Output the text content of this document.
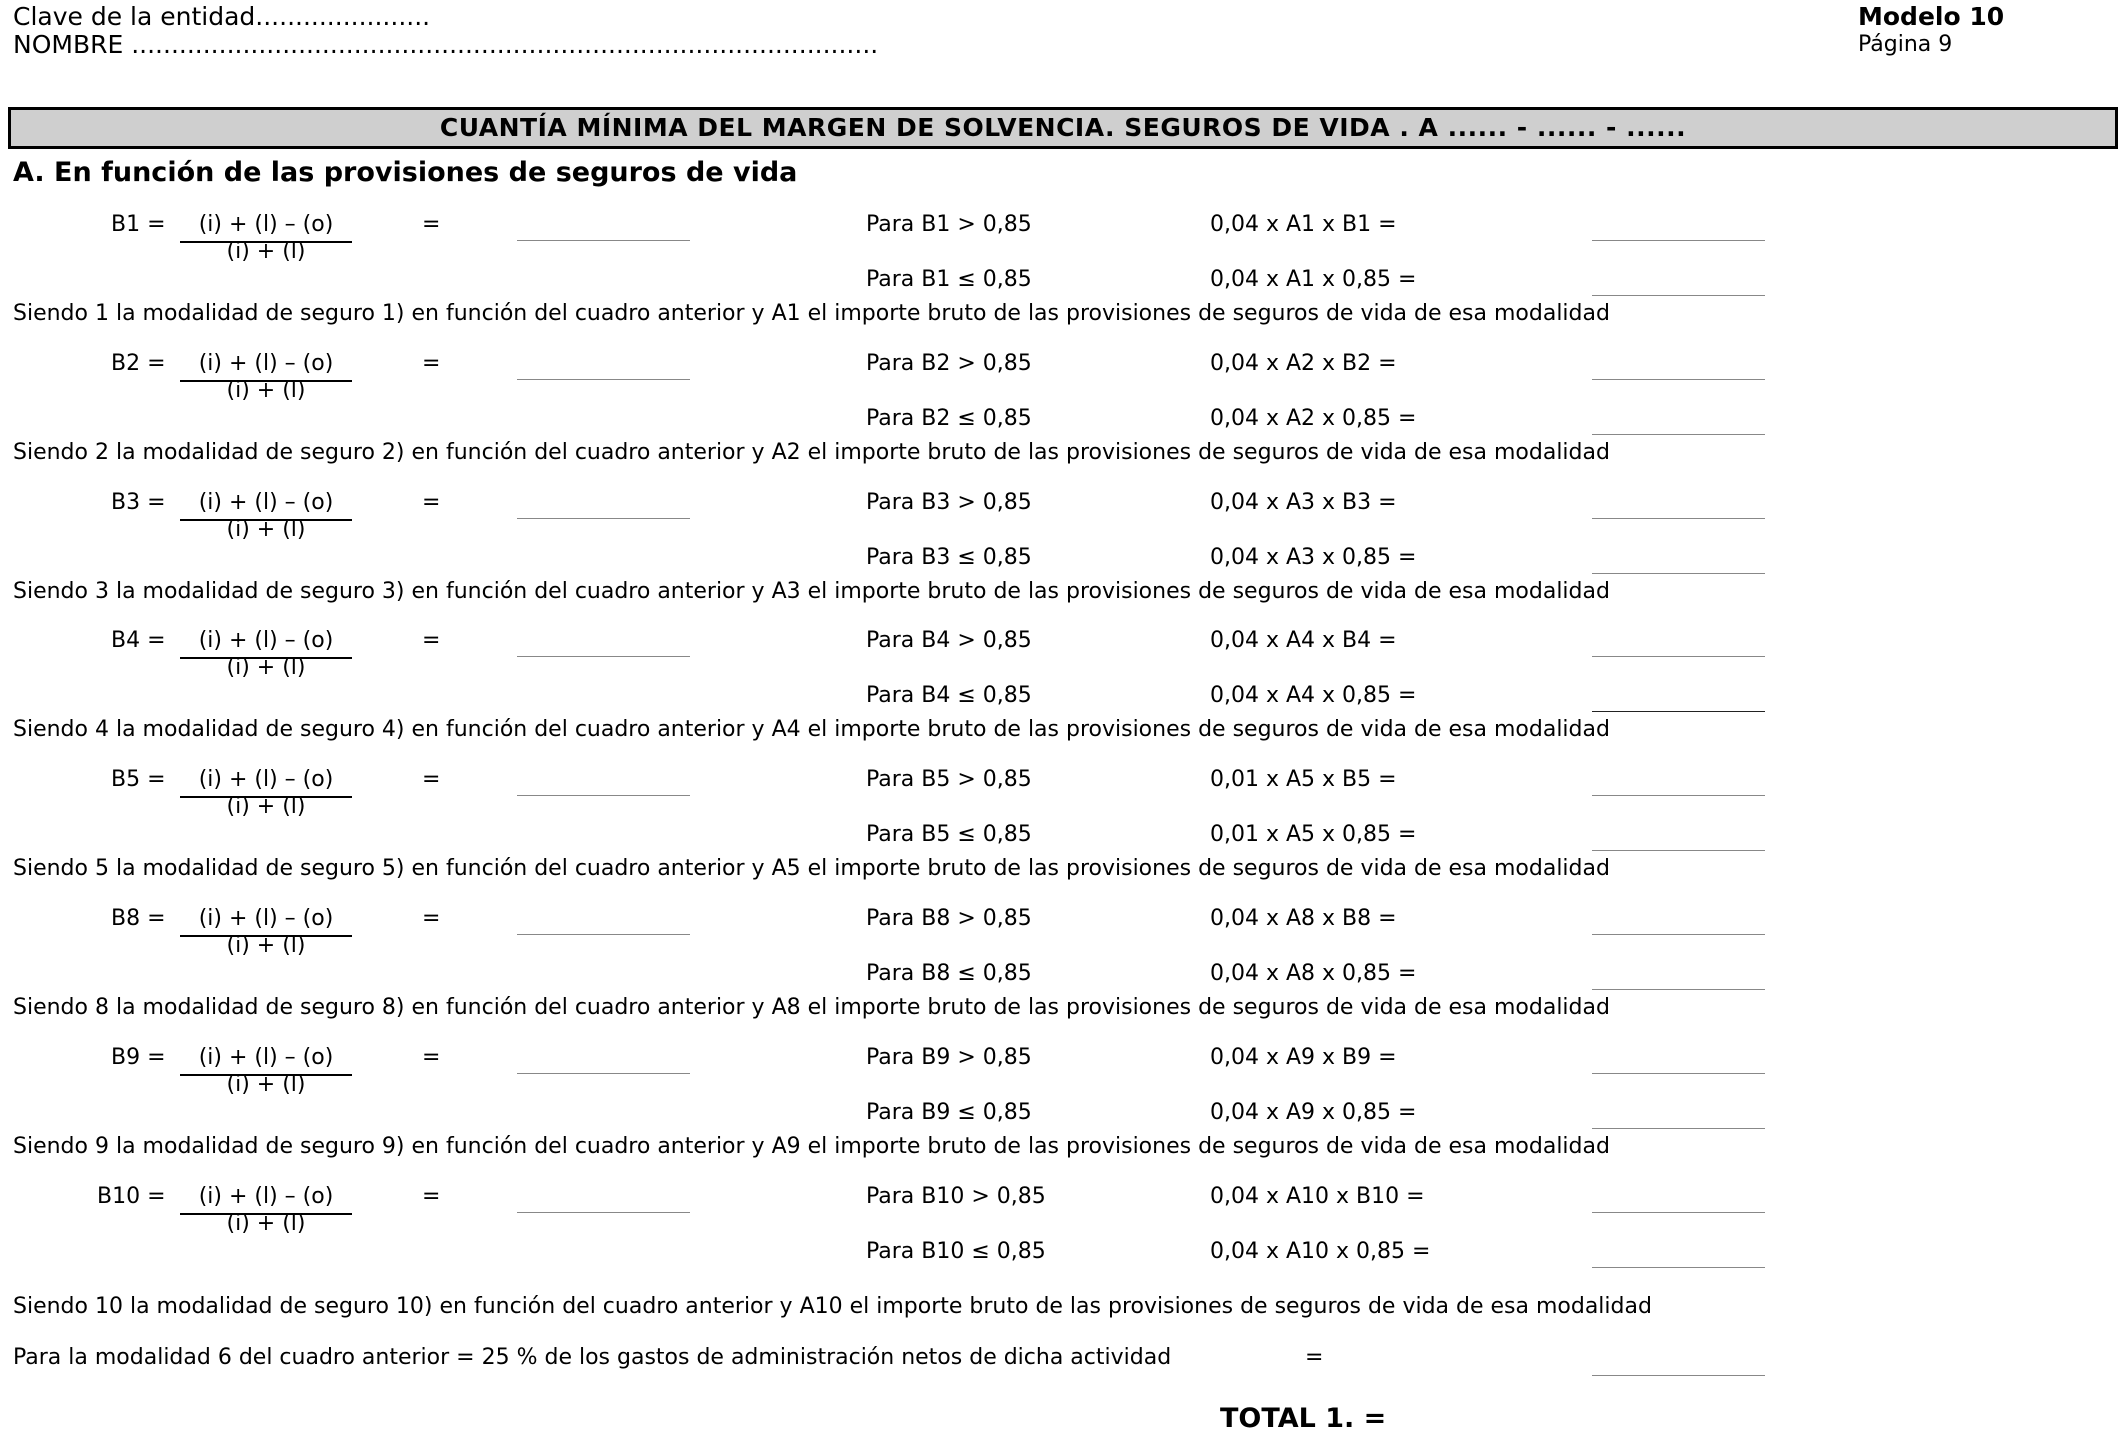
Clave de la entidad......................
NOMBRE ..............................................................................................
Modelo 10
Página 9
CUANTÍA MÍNIMA DEL MARGEN DE SOLVENCIA. SEGUROS DE VIDA . A ...... - ...... - ......
A. En función de las provisiones de seguros de vida
B1 =	(i) + (l) – (o)
(i) + (l)
=	Para B1 > 0,85	0,04 x A1 x B1 =
Para B1 ≤ 0,85	0,04 x A1 x 0,85 =
Siendo 1 la modalidad de seguro 1) en función del cuadro anterior y A1 el importe bruto de las provisiones de seguros de vida de esa modalidad
B2 =	(i) + (l) – (o)
(i) + (l)
=	Para B2 > 0,85	0,04 x A2 x B2 =
Para B2 ≤ 0,85	0,04 x A2 x 0,85 =
Siendo 2 la modalidad de seguro 2) en función del cuadro anterior y A2 el importe bruto de las provisiones de seguros de vida de esa modalidad
B3 =	(i) + (l) – (o)
(i) + (l)
=	Para B3 > 0,85	0,04 x A3 x B3 =
Para B3 ≤ 0,85	0,04 x A3 x 0,85 =
Siendo 3 la modalidad de seguro 3) en función del cuadro anterior y A3 el importe bruto de las provisiones de seguros de vida de esa modalidad
B4 =	(i) + (l) – (o)
(i) + (l)
=	Para B4 > 0,85	0,04 x A4 x B4 =
Para B4 ≤ 0,85	0,04 x A4 x 0,85 =
Siendo 4 la modalidad de seguro 4) en función del cuadro anterior y A4 el importe bruto de las provisiones de seguros de vida de esa modalidad
B5 =	(i) + (l) – (o)
(i) + (l)
=	Para B5 > 0,85	0,01 x A5 x B5 =
Para B5 ≤ 0,85	0,01 x A5 x 0,85 =
Siendo 5 la modalidad de seguro 5) en función del cuadro anterior y A5 el importe bruto de las provisiones de seguros de vida de esa modalidad
B8 =	(i) + (l) – (o)
(i) + (l)
=	Para B8 > 0,85	0,04 x A8 x B8 =
Para B8 ≤ 0,85	0,04 x A8 x 0,85 =
Siendo 8 la modalidad de seguro 8) en función del cuadro anterior y A8 el importe bruto de las provisiones de seguros de vida de esa modalidad
B9 =	(i) + (l) – (o)
(i) + (l)
=	Para B9 > 0,85	0,04 x A9 x B9 =
Para B9 ≤ 0,85	0,04 x A9 x 0,85 =
Siendo 9 la modalidad de seguro 9) en función del cuadro anterior y A9 el importe bruto de las provisiones de seguros de vida de esa modalidad
B10 =	(i) + (l) – (o)
(i) + (l)
=	Para B10 > 0,85	0,04 x A10 x B10 =
Para B10 ≤ 0,85	0,04 x A10 x 0,85 =
Siendo 10 la modalidad de seguro 10) en función del cuadro anterior y A10 el importe bruto de las provisiones de seguros de vida de esa modalidad
Para la modalidad 6 del cuadro anterior = 25 % de los gastos de administración netos de dicha actividad	=
TOTAL 1. =
